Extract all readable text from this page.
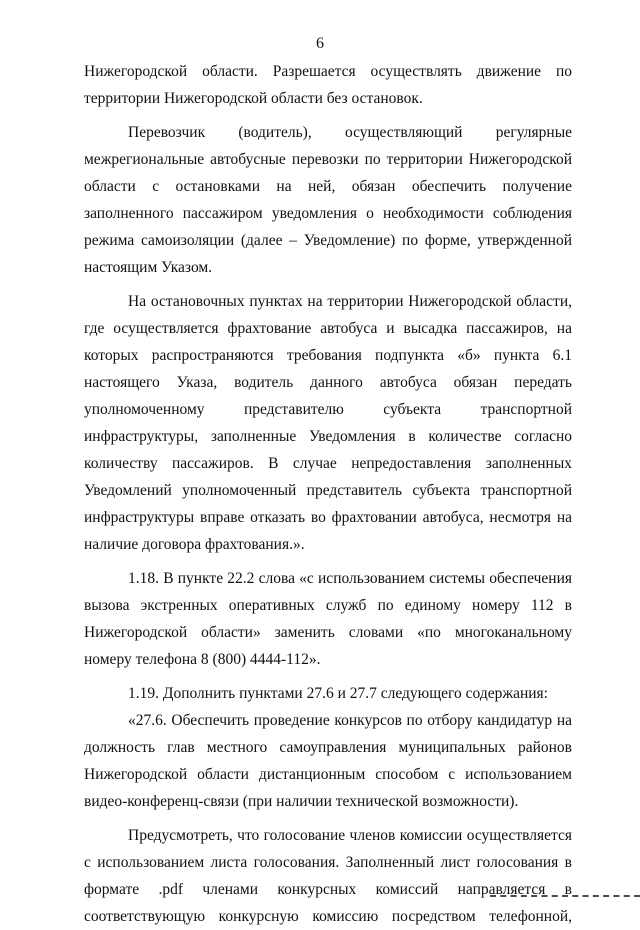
6

Нижегородской области. Разрешается осуществлять движение по территории Нижегородской области без остановок.

Перевозчик (водитель), осуществляющий регулярные межрегиональные автобусные перевозки по территории Нижегородской области с остановками на ней, обязан обеспечить получение заполненного пассажиром уведомления о необходимости соблюдения режима самоизоляции (далее – Уведомление) по форме, утвержденной настоящим Указом.

На остановочных пунктах на территории Нижегородской области, где осуществляется фрахтование автобуса и высадка пассажиров, на которых распространяются требования подпункта «б» пункта 6.1 настоящего Указа, водитель данного автобуса обязан передать уполномоченному представителю субъекта транспортной инфраструктуры, заполненные Уведомления в количестве согласно количеству пассажиров. В случае непредоставления заполненных Уведомлений уполномоченный представитель субъекта транспортной инфраструктуры вправе отказать во фрахтовании автобуса, несмотря на наличие договора фрахтования.».

1.18. В пункте 22.2 слова «с использованием системы обеспечения вызова экстренных оперативных служб по единому номеру 112 в Нижегородской области» заменить словами «по многоканальному номеру телефона 8 (800) 4444-112».

1.19. Дополнить пунктами 27.6 и 27.7 следующего содержания:

«27.6. Обеспечить проведение конкурсов по отбору кандидатур на должность глав местного самоуправления муниципальных районов Нижегородской области дистанционным способом с использованием видео-конференц-связи (при наличии технической возможности).

Предусмотреть, что голосование членов комиссии осуществляется с использованием листа голосования. Заполненный лист голосования в формате .pdf членами конкурсных комиссий направляется в соответствующую конкурсную комиссию посредством телефонной,
